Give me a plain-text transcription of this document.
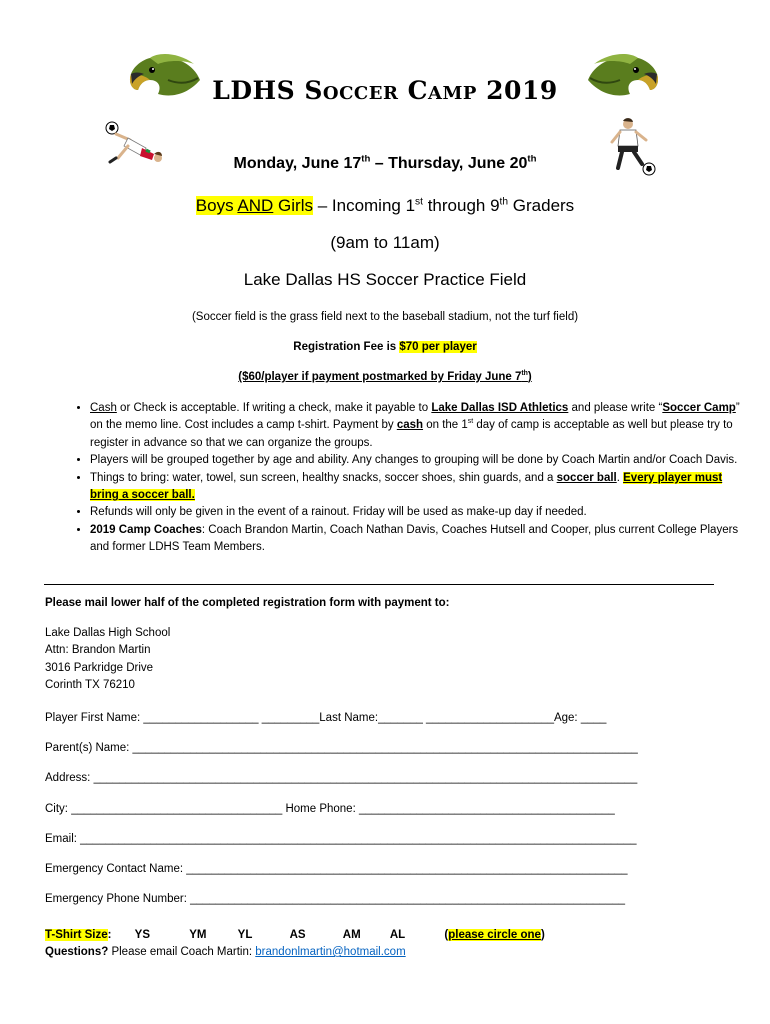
LDHS Soccer Camp 2019
Monday, June 17th – Thursday, June 20th
Boys AND Girls – Incoming 1st through 9th Graders
(9am to 11am)
Lake Dallas HS Soccer Practice Field
(Soccer field is the grass field next to the baseball stadium, not the turf field)
Registration Fee is $70 per player
($60/player if payment postmarked by Friday June 7th)
• Cash or Check is acceptable. If writing a check, make it payable to Lake Dallas ISD Athletics and please write “Soccer Camp” on the memo line. Cost includes a camp t-shirt. Payment by cash on the 1st day of camp is acceptable as well but please try to register in advance so that we can organize the groups.
• Players will be grouped together by age and ability. Any changes to grouping will be done by Coach Martin and/or Coach Davis.
• Things to bring: water, towel, sun screen, healthy snacks, soccer shoes, shin guards, and a soccer ball. Every player must bring a soccer ball.
• Refunds will only be given in the event of a rainout. Friday will be used as make-up day if needed.
• 2019 Camp Coaches: Coach Brandon Martin, Coach Nathan Davis, Coaches Hutsell and Cooper, plus current College Players and former LDHS Team Members.
Please mail lower half of the completed registration form with payment to:
Lake Dallas High School
Attn: Brandon Martin
3016 Parkridge Drive
Corinth TX 76210
Player First Name: __________________ _________Last Name:_______ ____________________Age: ____
Parent(s) Name: _______________________________________________________________________________
Address: _____________________________________________________________________________________
City: _________________________________ Home Phone: ________________________________________
Email: _______________________________________________________________________________________
Emergency Contact Name: _____________________________________________________________________
Emergency Phone Number: ____________________________________________________________________
T-Shirt Size: YS	YM	YL	AS	AM	AL	(please circle one)
Questions? Please email Coach Martin: brandonlmartin@hotmail.com
